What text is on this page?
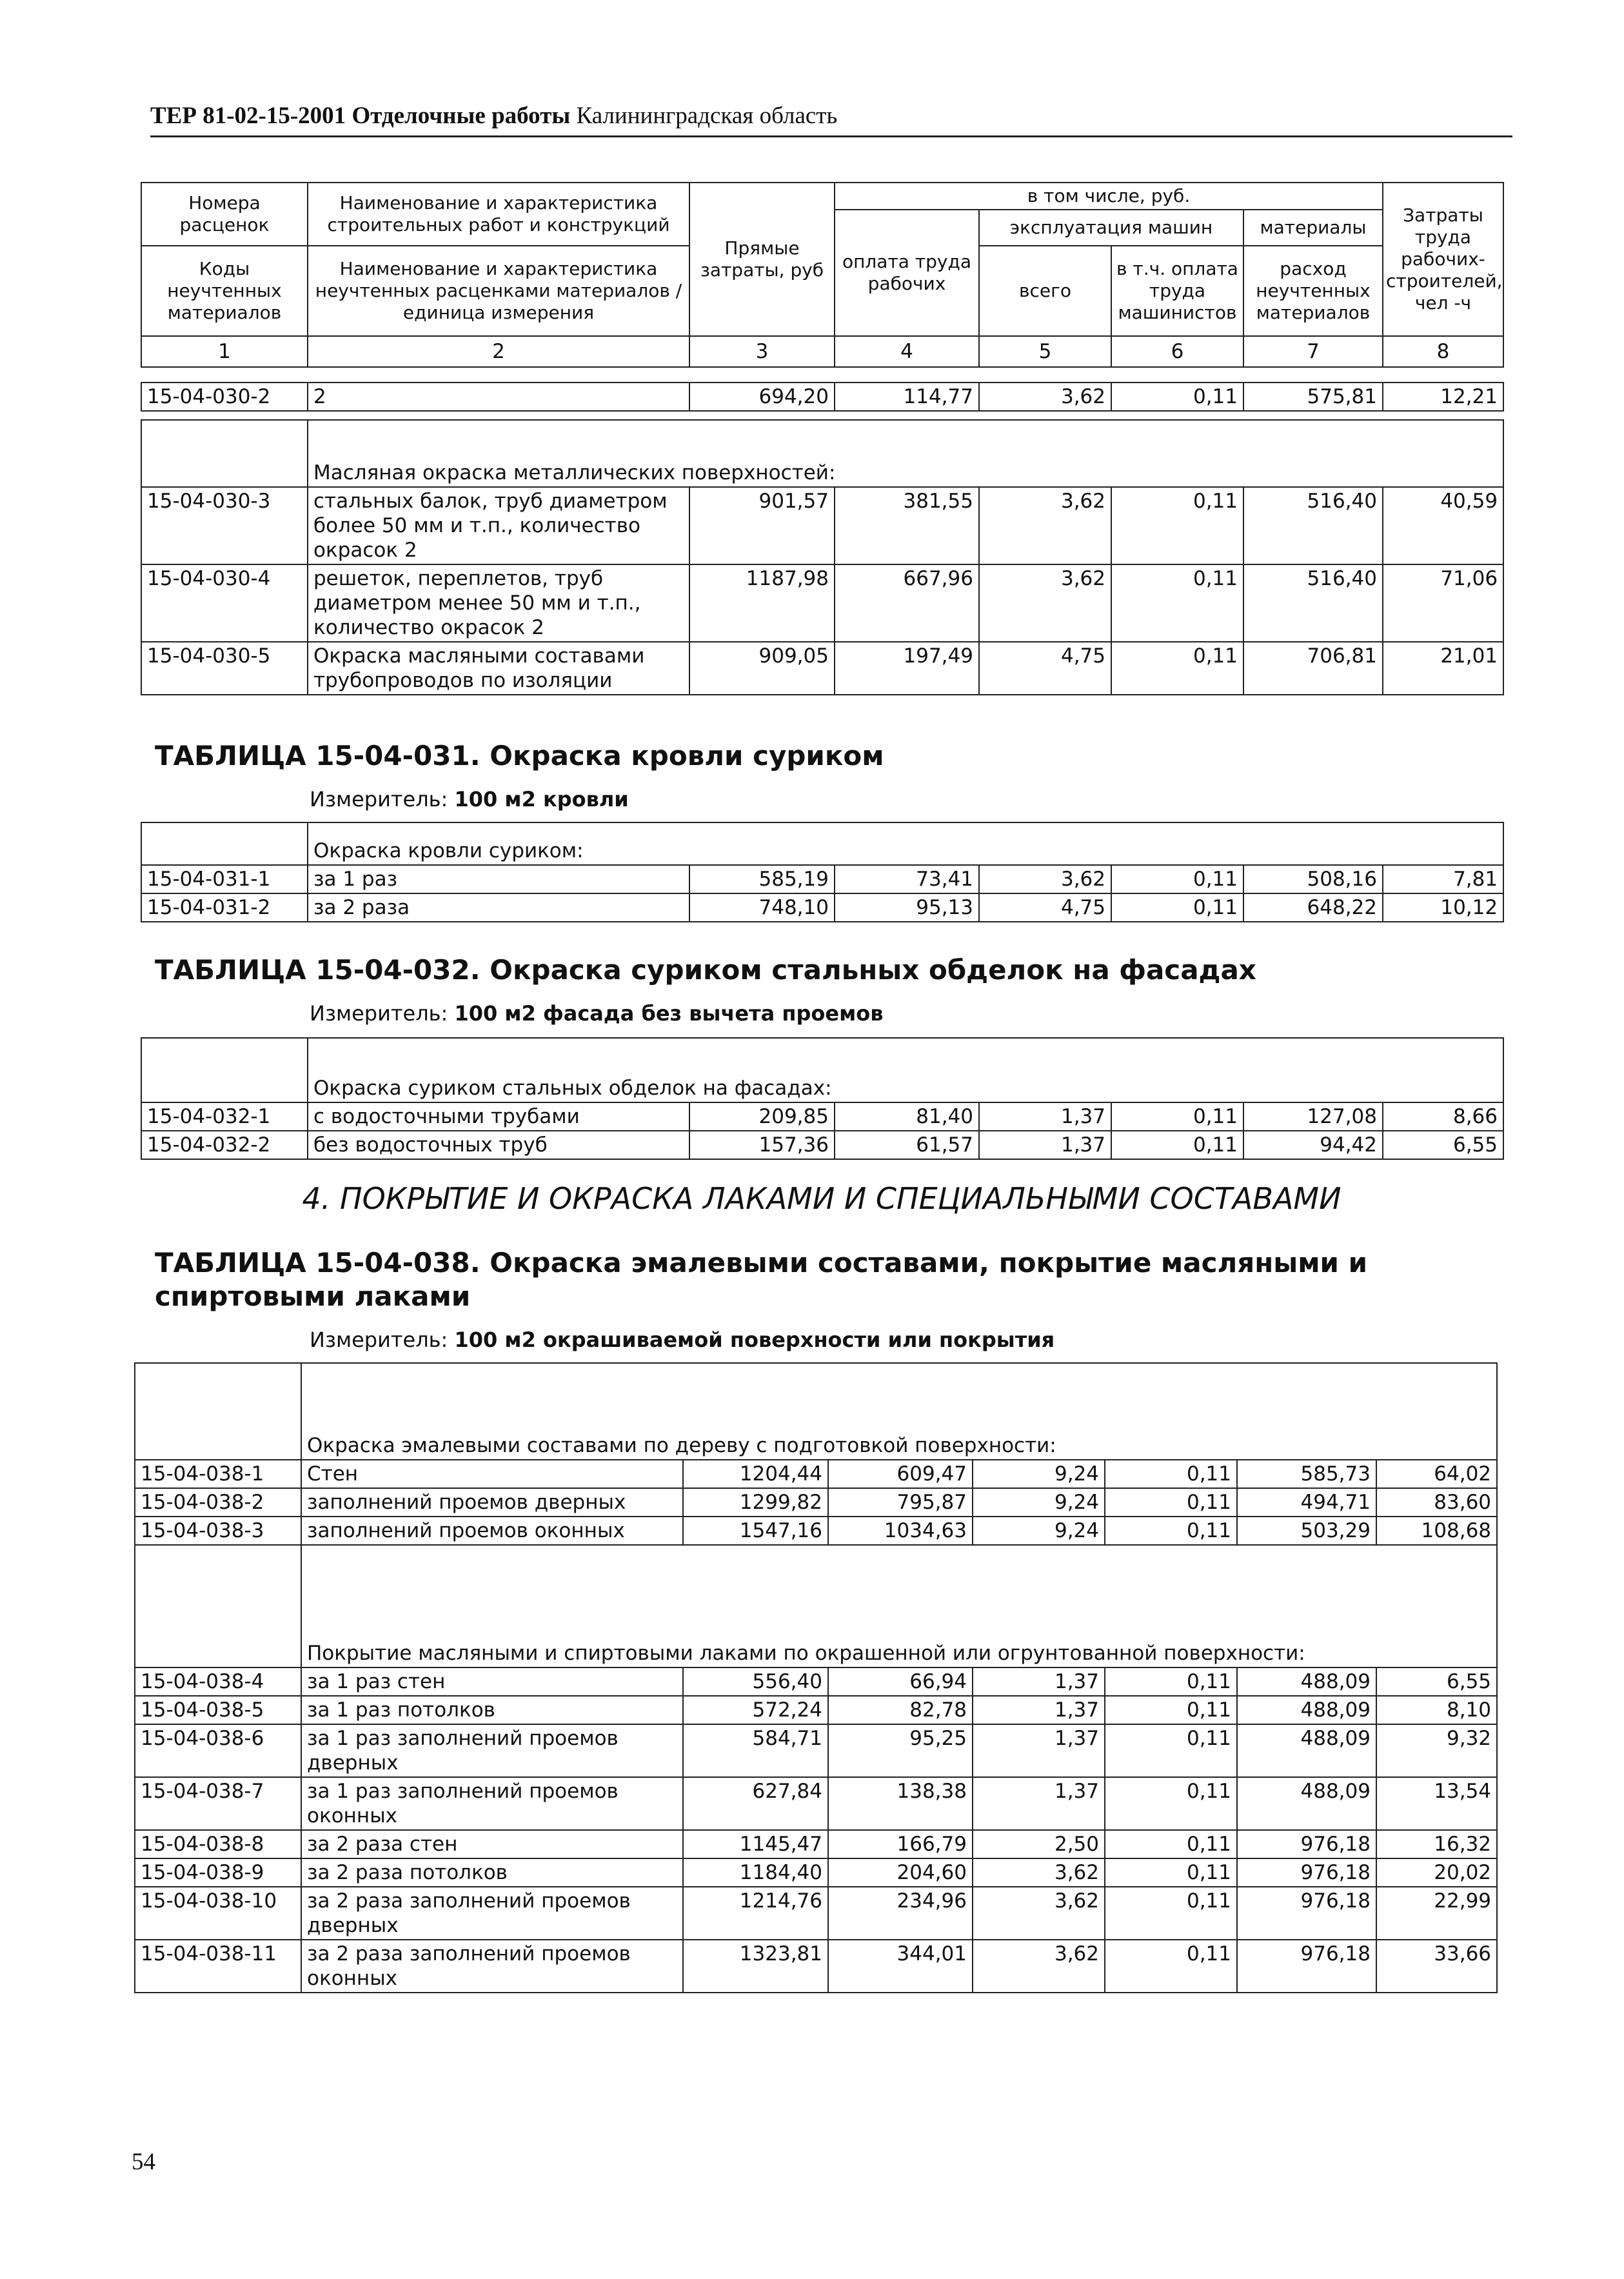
ТЕР 81-02-15-2001 Отделочные работы Калининградская область
Номера расценок	Наименование и характеристика строительных работ и конструкций	Прямые затраты, руб	в том числе, руб.				Затраты труда рабочих-строителей, чел -ч
			оплата труда рабочих	эксплуатация машин		материалы	
Коды неучтенных материалов	Наименование и характеристика неучтенных расценками материалов / единица измерения			всего	в т.ч. оплата труда машинистов	расход неучтенных материалов	

1	2	3	4	5	6	7	8
15-04-030-2	2	694,20	114,77	3,62	0,11	575,81	12,21
	Масляная окраска металлических поверхностей:						
15-04-030-3	стальных балок, труб диаметром более 50 мм и т.п., количество окрасок 2	901,57	381,55	3,62	0,11	516,40	40,59
15-04-030-4	решеток, переплетов, труб диаметром менее 50 мм и т.п., количество окрасок 2	1187,98	667,96	3,62	0,11	516,40	71,06
15-04-030-5	Окраска масляными составами трубопроводов по изоляции	909,05	197,49	4,75	0,11	706,81	21,01
ТАБЛИЦА 15-04-031. Окраска кровли суриком
Измеритель: 100 м2 кровли
	Окраска кровли суриком:						
15-04-031-1	за 1 раз	585,19	73,41	3,62	0,11	508,16	7,81
15-04-031-2	за 2 раза	748,10	95,13	4,75	0,11	648,22	10,12
ТАБЛИЦА 15-04-032. Окраска суриком стальных обделок на фасадах
Измеритель: 100 м2 фасада без вычета проемов
	Окраска суриком стальных обделок на фасадах:						
15-04-032-1	с водосточными трубами	209,85	81,40	1,37	0,11	127,08	8,66
15-04-032-2	без водосточных труб	157,36	61,57	1,37	0,11	94,42	6,55
4. ПОКРЫТИЕ И ОКРАСКА ЛАКАМИ И СПЕЦИАЛЬНЫМИ СОСТАВАМИ
ТАБЛИЦА 15-04-038. Окраска эмалевыми составами, покрытие масляными и спиртовыми лаками
Измеритель: 100 м2 окрашиваемой поверхности или покрытия
	Окраска эмалевыми составами по дереву с подготовкой поверхности:						
15-04-038-1	Стен	1204,44	609,47	9,24	0,11	585,73	64,02
15-04-038-2	заполнений проемов дверных	1299,82	795,87	9,24	0,11	494,71	83,60
15-04-038-3	заполнений проемов оконных	1547,16	1034,63	9,24	0,11	503,29	108,68
	Покрытие масляными и спиртовыми лаками по окрашенной или огрунтованной поверхности:						
15-04-038-4	за 1 раз стен	556,40	66,94	1,37	0,11	488,09	6,55
15-04-038-5	за 1 раз потолков	572,24	82,78	1,37	0,11	488,09	8,10
15-04-038-6	за 1 раз заполнений проемов дверных	584,71	95,25	1,37	0,11	488,09	9,32
15-04-038-7	за 1 раз заполнений проемов оконных	627,84	138,38	1,37	0,11	488,09	13,54
15-04-038-8	за 2 раза стен	1145,47	166,79	2,50	0,11	976,18	16,32
15-04-038-9	за 2 раза потолков	1184,40	204,60	3,62	0,11	976,18	20,02
15-04-038-10	за 2 раза заполнений проемов дверных	1214,76	234,96	3,62	0,11	976,18	22,99
15-04-038-11	за 2 раза заполнений проемов оконных	1323,81	344,01	3,62	0,11	976,18	33,66
54
